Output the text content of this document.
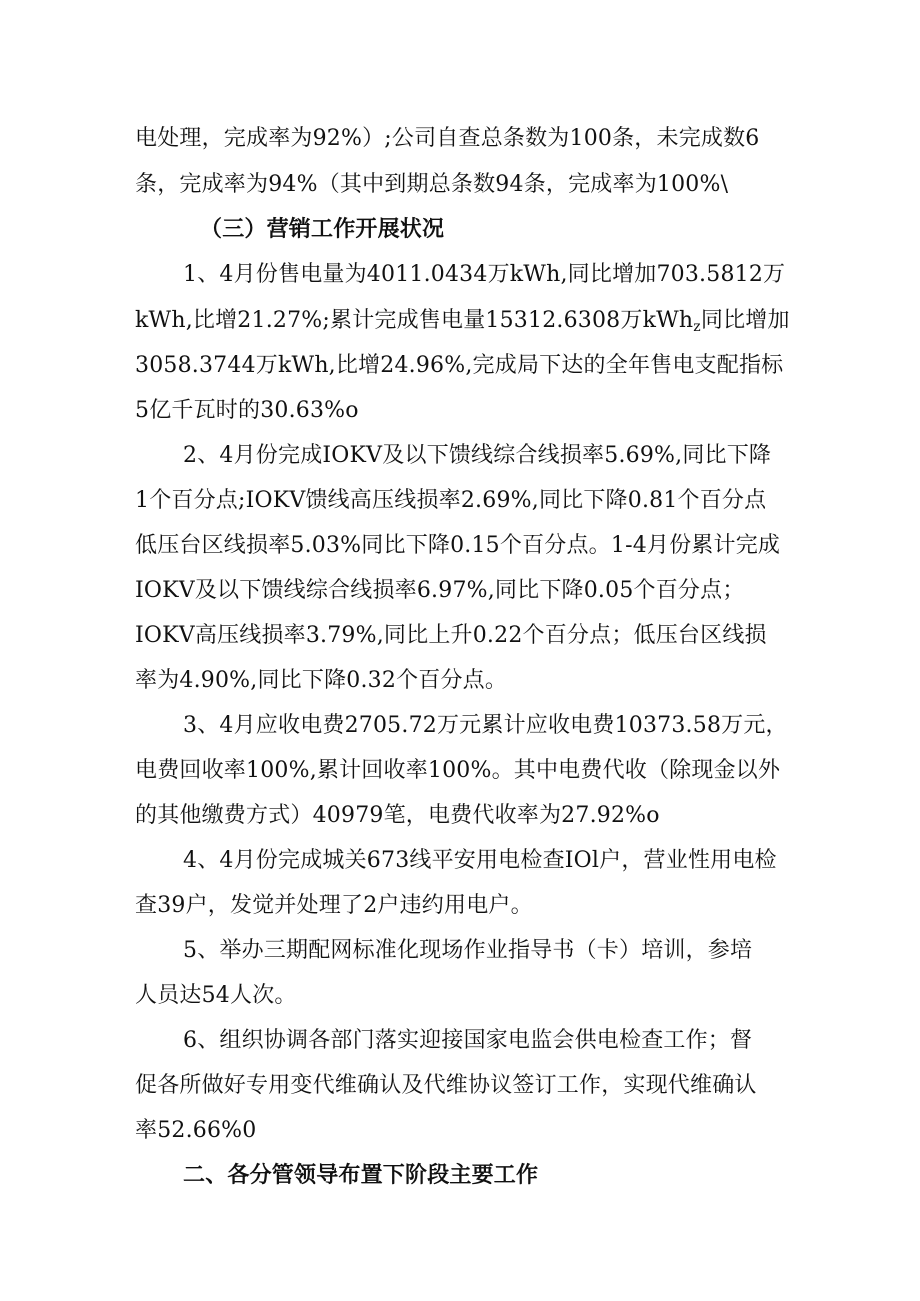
电处理，完成率为92%）;公司自查总条数为100条，未完成数6
条，完成率为94%（其中到期总条数94条，完成率为100%\
（三）营销工作开展状况
1、4月份售电量为4011.0434万kWh,同比增加703.5812万
kWh,比增21.27%;累计完成售电量15312.6308万kWh$_z$同比增加
3058.3744万kWh,比增24.96%,完成局下达的全年售电支配指标
5亿千瓦时的30.63%o
2、4月份完成IOKV及以下馈线综合线损率5.69%,同比下降
1个百分点;IOKV馈线高压线损率2.69%,同比下降0.81个百分点
低压台区线损率5.03%同比下降0.15个百分点。1-4月份累计完成
IOKV及以下馈线综合线损率6.97%,同比下降0.05个百分点；
IOKV高压线损率3.79%,同比上升0.22个百分点；低压台区线损
率为4.90%,同比下降0.32个百分点。
3、4月应收电费2705.72万元累计应收电费10373.58万元，
电费回收率100%,累计回收率100%。其中电费代收（除现金以外
的其他缴费方式）40979笔，电费代收率为27.92%o
4、4月份完成城关673线平安用电检查IOl户，营业性用电检
查39户，发觉并处理了2户违约用电户。
5、举办三期配网标准化现场作业指导书（卡）培训，参培
人员达54人次。
6、组织协调各部门落实迎接国家电监会供电检查工作；督
促各所做好专用变代维确认及代维协议签订工作，实现代维确认
率52.66%0
二、各分管领导布置下阶段主要工作
